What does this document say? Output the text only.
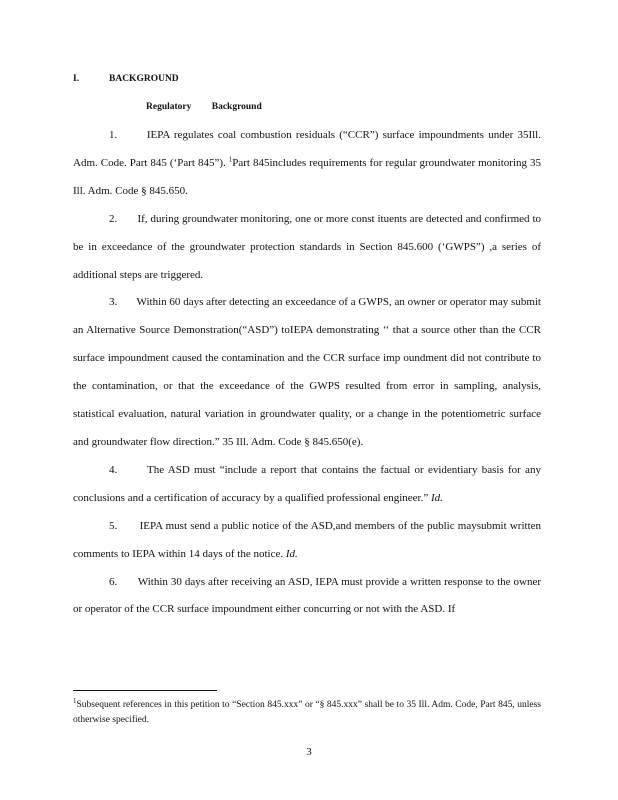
I.	BACKGROUND
Regulatory Background

1.	IEPA regulates coal combustion residuals (“CCR”) surface impoundments under 35Ill. Adm. Code. Part 845 (‘Part 845”). $^1$Part 845includes requirements for regular groundwater monitoring 35 Ill. Adm. Code § 845.650.

2. If, during groundwater monitoring, one or more const ituents are detected and confirmed to be in exceedance of the groundwater protection standards in Section 845.600 (‘GWPS”) ,a series of additional steps are triggered.

3. Within 60 days after detecting an exceedance of a GWPS, an owner or operator may submit an Alternative Source Demonstration(“ASD”) toIEPA demonstrating ‘‘ that a source other than the CCR surface impoundment caused the contamination and the CCR surface imp oundment did not contribute to the contamination, or that the exceedance of the GWPS resulted from error in sampling, analysis, statistical evaluation, natural variation in groundwater quality, or a change in the potentiometric surface and groundwater flow direction.” 35 Ill. Adm. Code § 845.650(e).

4.	The ASD must “include a report that contains the factual or evidentiary basis for any conclusions and a certification of accuracy by a qualified professional engineer.” Id.

5. IEPA must send a public notice of the ASD,and members of the public maysubmit written comments to IEPA within 14 days of the notice. Id.

6. Within 30 days after receiving an ASD, IEPA must provide a written response to the owner or operator of the CCR surface impoundment either concurring or not with the ASD. If

$^1$Subsequent references in this petition to “Section 845.xxx” or “§ 845.xxx” shall be to 35 Ill. Adm. Code, Part 845, unless otherwise specified.
3
